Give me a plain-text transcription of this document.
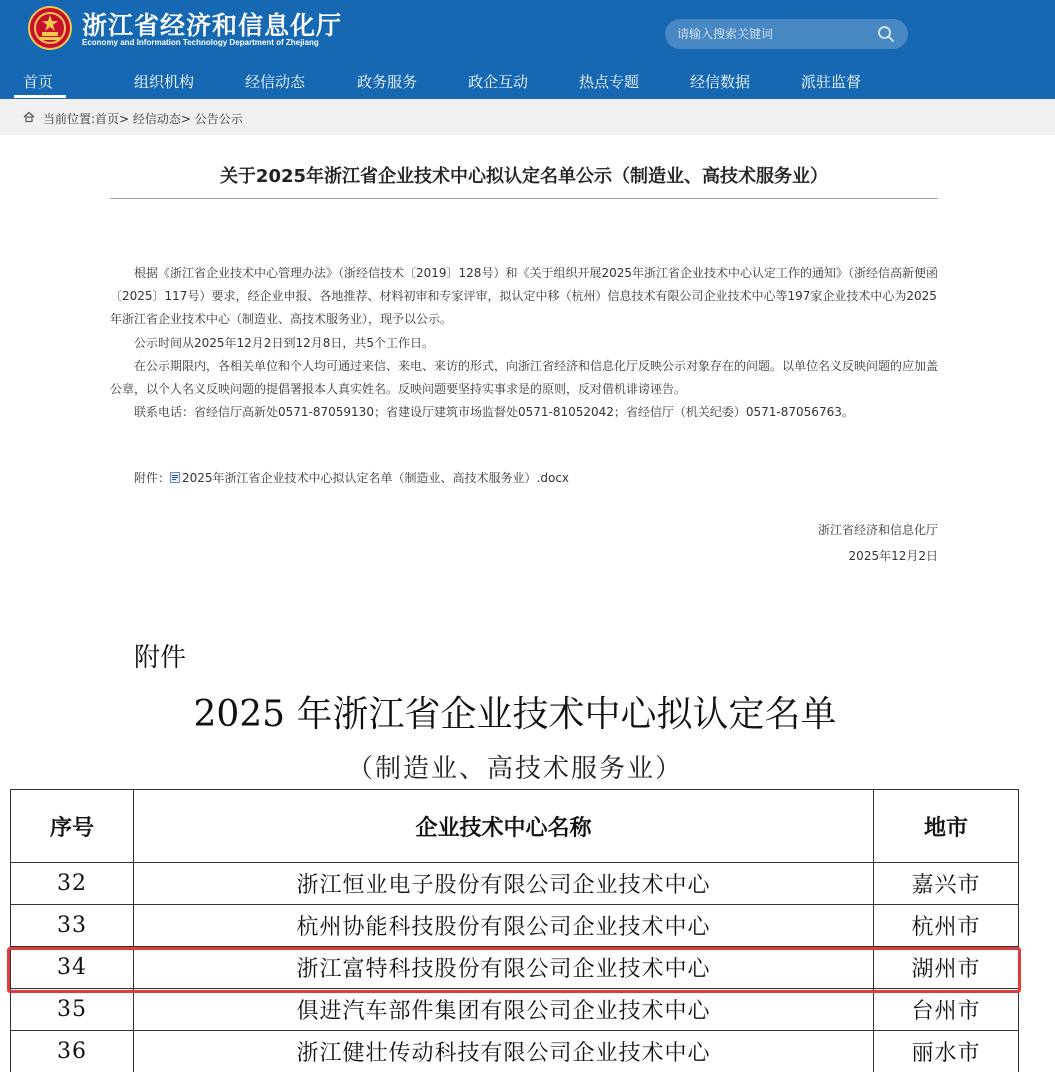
浙江省经济和信息化厅
Economy and Information Technology Department of Zhejiang
请输入搜索关键词
首页	组织机构	经信动态	政务服务	政企互动	热点专题	经信数据	派驻监督
当前位置:首页> 经信动态> 公告公示
关于2025年浙江省企业技术中心拟认定名单公示（制造业、高技术服务业）

根据《浙江省企业技术中心管理办法》（浙经信技术〔2019〕128号）和《关于组织开展2025年浙江省企业技术中心认定工作的通知》（浙经信高新便函〔2025〕117号）要求，经企业申报、各地推荐、材料初审和专家评审，拟认定中移（杭州）信息技术有限公司企业技术中心等197家企业技术中心为2025年浙江省企业技术中心（制造业、高技术服务业），现予以公示。

公示时间从2025年12月2日到12月8日，共5个工作日。

在公示期限内，各相关单位和个人均可通过来信、来电、来访的形式，向浙江省经济和信息化厅反映公示对象存在的问题。以单位名义反映问题的应加盖公章，以个人名义反映问题的提倡署报本人真实姓名。反映问题要坚持实事求是的原则，反对借机诽谤诬告。

联系电话：省经信厅高新处0571-87059130；省建设厅建筑市场监督处0571-81052042；省经信厅（机关纪委）0571-87056763。

附件： 2025年浙江省企业技术中心拟认定名单（制造业、高技术服务业）.docx
浙江省经济和信息化厅
2025年12月2日
附件
2025 年浙江省企业技术中心拟认定名单
（制造业、高技术服务业）
序号	企业技术中心名称	地市
32	浙江恒业电子股份有限公司企业技术中心	嘉兴市
33	杭州协能科技股份有限公司企业技术中心	杭州市
34	浙江富特科技股份有限公司企业技术中心	湖州市
35	俱进汽车部件集团有限公司企业技术中心	台州市
36	浙江健壮传动科技有限公司企业技术中心	丽水市
